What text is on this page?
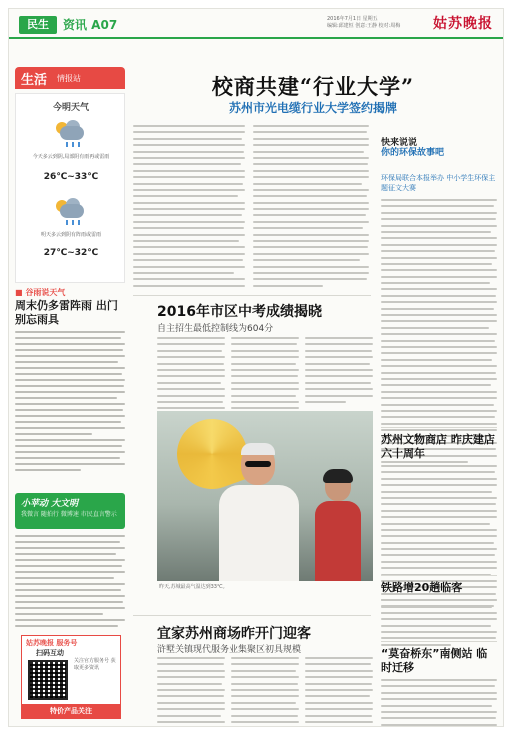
民生	资讯 A07	2016年7月1日 星期五
编辑:邱建恒 创意:王静 校对:周梅	姑苏晚报
生活 情报站
今明天气
今天多云到阴,局部阴有雨再或雷雨
26℃~33℃
明天多云到阴有阵雨或雷雨
27℃~32℃
■ 谷雨说天气
周末仍多雷阵雨 出门别忘雨具
小苹动 大文明
我微言 随拍行 微博速 市民直言警示
姑苏晚报 服务号
扫码互动
关注官方服务号 获取更多资讯
特价产品关注
校商共建“行业大学”
苏州市光电缆行业大学签约揭牌
快来说说
你的环保故事吧
环保局联合本报举办 中小学生环保主题征文大赛
2016年市区中考成绩揭晓
自主招生最低控制线为604分
昨天,苏城最高气温达到33℃。
宜家苏州商场昨开门迎客
浒墅关镇现代服务业集聚区初具规模
苏州文物商店 昨庆建店六十周年
铁路增20趟临客
“莫奋桥东”南侧站 临时迁移
